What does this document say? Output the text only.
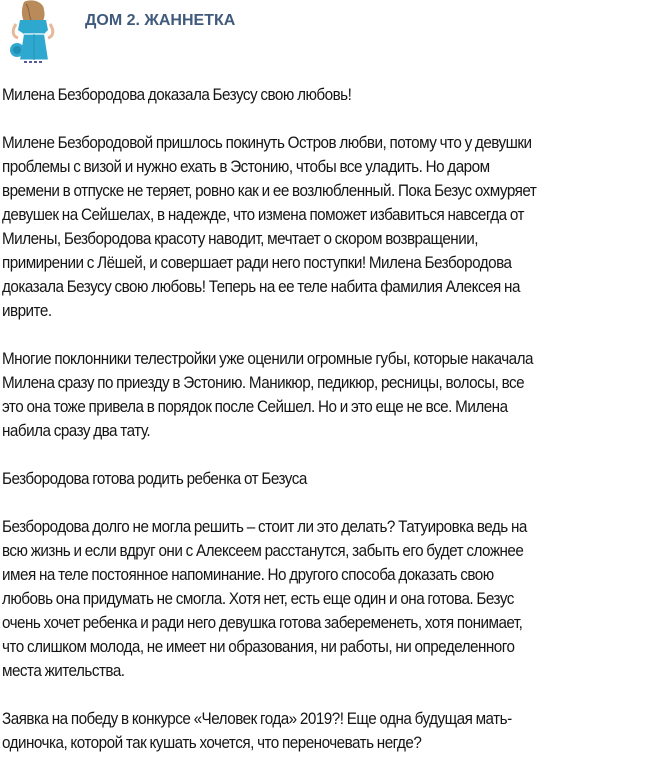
ДОМ 2. ЖАННЕТКА

Милена Безбородова доказала Безусу свою любовь!

Милене Безбородовой пришлось покинуть Остров любви, потому что у девушки
проблемы с визой и нужно ехать в Эстонию, чтобы все уладить. Но даром
времени в отпуске не теряет, ровно как и ее возлюбленный. Пока Безус охмуряет
девушек на Сейшелах, в надежде, что измена поможет избавиться навсегда от
Милены, Безбородова красоту наводит, мечтает о скором возвращении,
примирении с Лёшей, и совершает ради него поступки! Милена Безбородова
доказала Безусу свою любовь! Теперь на ее теле набита фамилия Алексея на
иврите.

Многие поклонники телестройки уже оценили огромные губы, которые накачала
Милена сразу по приезду в Эстонию. Маникюр, педикюр, ресницы, волосы, все
это она тоже привела в порядок после Сейшел. Но и это еще не все. Милена
набила сразу два тату.

Безбородова готова родить ребенка от Безуса

Безбородова долго не могла решить – стоит ли это делать? Татуировка ведь на
всю жизнь и если вдруг они с Алексеем расстанутся, забыть его будет сложнее
имея на теле постоянное напоминание. Но другого способа доказать свою
любовь она придумать не смогла. Хотя нет, есть еще один и она готова. Безус
очень хочет ребенка и ради него девушка готова забеременеть, хотя понимает,
что слишком молода, не имеет ни образования, ни работы, ни определенного
места жительства.

Заявка на победу в конкурсе «Человек года» 2019?! Еще одна будущая мать-
одиночка, которой так кушать хочется, что переночевать негде?
